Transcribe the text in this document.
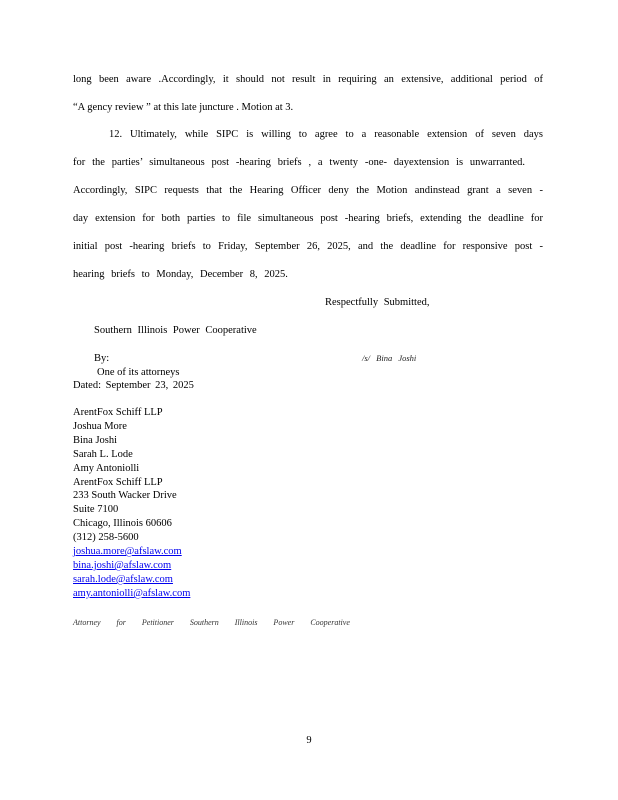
long been aware .Accordingly, it should not result in requiring an extensive, additional period of
“A gency review ” at this late juncture . Motion at 3.
12. Ultimately, while SIPC is willing to agree to a reasonable extension of seven days
for the parties’ simultaneous post -hearing briefs , a twenty -one- dayextension is unwarranted.
Accordingly, SIPC requests that the Hearing Officer deny the Motion andinstead grant a seven -
day extension for both parties to file simultaneous post -hearing briefs, extending the deadline for
initial post -hearing briefs to Friday, September 26, 2025, and the deadline for responsive post -
hearing briefs to Monday, December 8, 2025.
Respectfully Submitted,
Southern Illinois Power Cooperative
By:	/s/ Bina Joshi
One of its attorneys
Dated: September 23, 2025
ArentFox Schiff LLP
Joshua More
Bina Joshi
Sarah L. Lode
Amy Antoniolli
ArentFox Schiff LLP
233 South Wacker Drive
Suite 7100
Chicago, Illinois 60606
(312) 258-5600
joshua.more@afslaw.com
bina.joshi@afslaw.com
sarah.lode@afslaw.com
amy.antoniolli@afslaw.com
Attorney for Petitioner Southern Illinois Power Cooperative
9
